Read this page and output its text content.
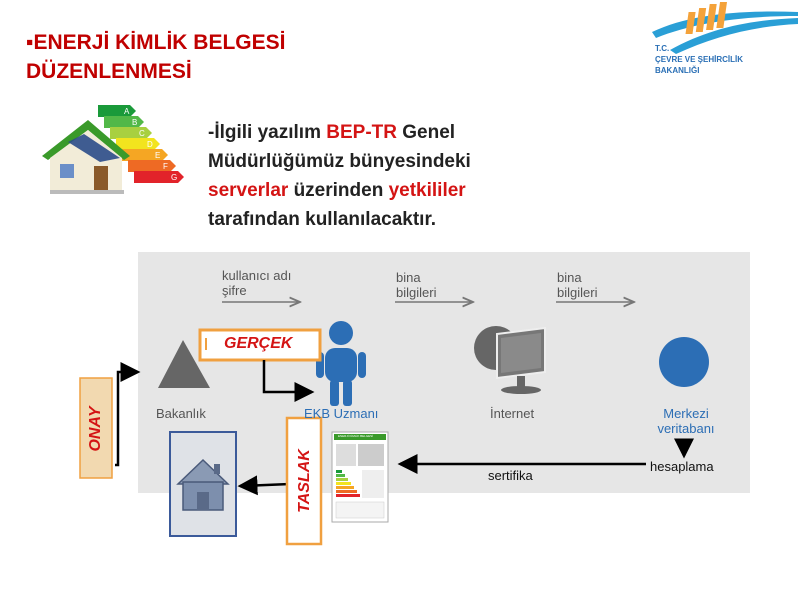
▪ENERJİ KİMLİK BELGESİ
DÜZENLENMESİ
T.C.
ÇEVRE VE ŞEHİRCİLİK
BAKANLIĞI
A
B
C
D
E
F
G
-İlgili yazılım BEP-TR Genel
Müdürlüğümüz bünyesindeki
serverlar üzerinden yetkililer
tarafından kullanılacaktır.
kullanıcı adı
şifre
bina
bilgileri
bina
bilgileri
Bakanlık	EKB Uzmanı	İnternet	Merkezi
veritabanı
hesaplama
sertifika
GERÇEK
ONAY
TASLAK
ENERJİ KİMLİK BELGESİ
